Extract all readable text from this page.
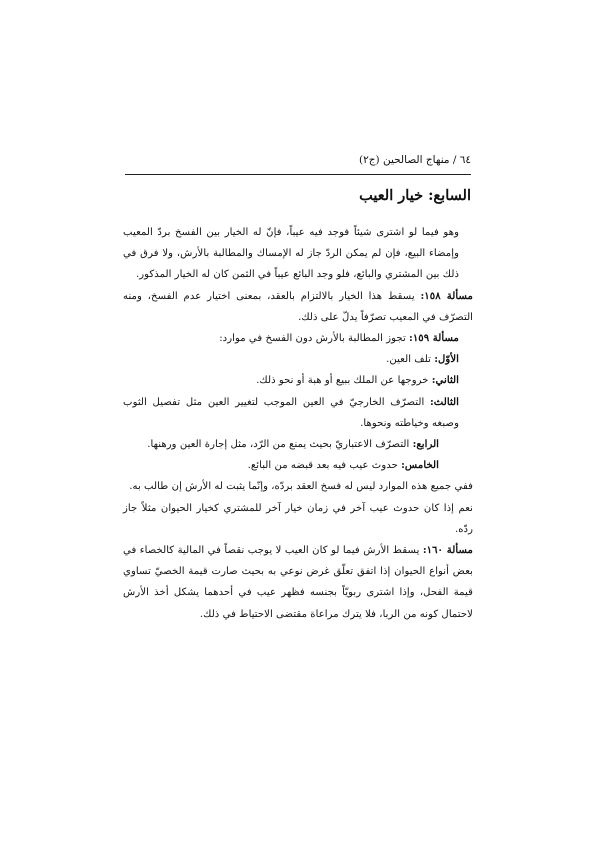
٦٤ / منهاج الصالحين (ج٢)
السابع: خيار العيب

وهو فيما لو اشترى شيئاً فوجد فيه عيباً، فإنّ له الخيار بين الفسخ بردّ المعيب وإمضاء البيع، فإن لم يمكن الردّ جاز له الإمساك والمطالبة بالأرش، ولا فرق في ذلك بين المشتري والبائع، فلو وجد البائع عيباً في الثمن كان له الخيار المذكور.

مسألة ١٥٨: يسقط هذا الخيار بالالتزام بالعقد، بمعنى اختيار عدم الفسخ، ومنه التصرّف في المعيب تصرّفاً يدلّ على ذلك.

مسألة ١٥٩: تجوز المطالبة بالأرش دون الفسخ في موارد:

الأوّل: تلف العين.

الثاني: خروجها عن الملك ببيع أو هبة أو نحو ذلك.

الثالث: التصرّف الخارجيّ في العين الموجب لتغيير العين مثل تفصيل الثوب وصبغه وخياطته ونحوها.

الرابع: التصرّف الاعتباريّ بحيث يمنع من الرّد، مثل إجارة العين ورهنها.

الخامس: حدوث عيب فيه بعد قبضه من البائع.

ففي جميع هذه الموارد ليس له فسخ العقد بردّه، وإنّما يثبت له الأرش إن طالب به.

نعم إذا كان حدوث عيب آخر في زمان خيار آخر للمشتري كخيار الحيوان مثلاً جاز ردّه.

مسألة ١٦٠: يسقط الأرش فيما لو كان العيب لا يوجب نقصاً في المالية كالخصاء في بعض أنواع الحيوان إذا اتفق تعلّق غرض نوعي به بحيث صارت قيمة الخصيّ تساوي قيمة الفحل، وإذا اشترى ربويّاً بجنسه فظهر عيب في أحدهما يشكل أخذ الأرش لاحتمال كونه من الربا، فلا يترك مراعاة مقتضى الاحتياط في ذلك.
